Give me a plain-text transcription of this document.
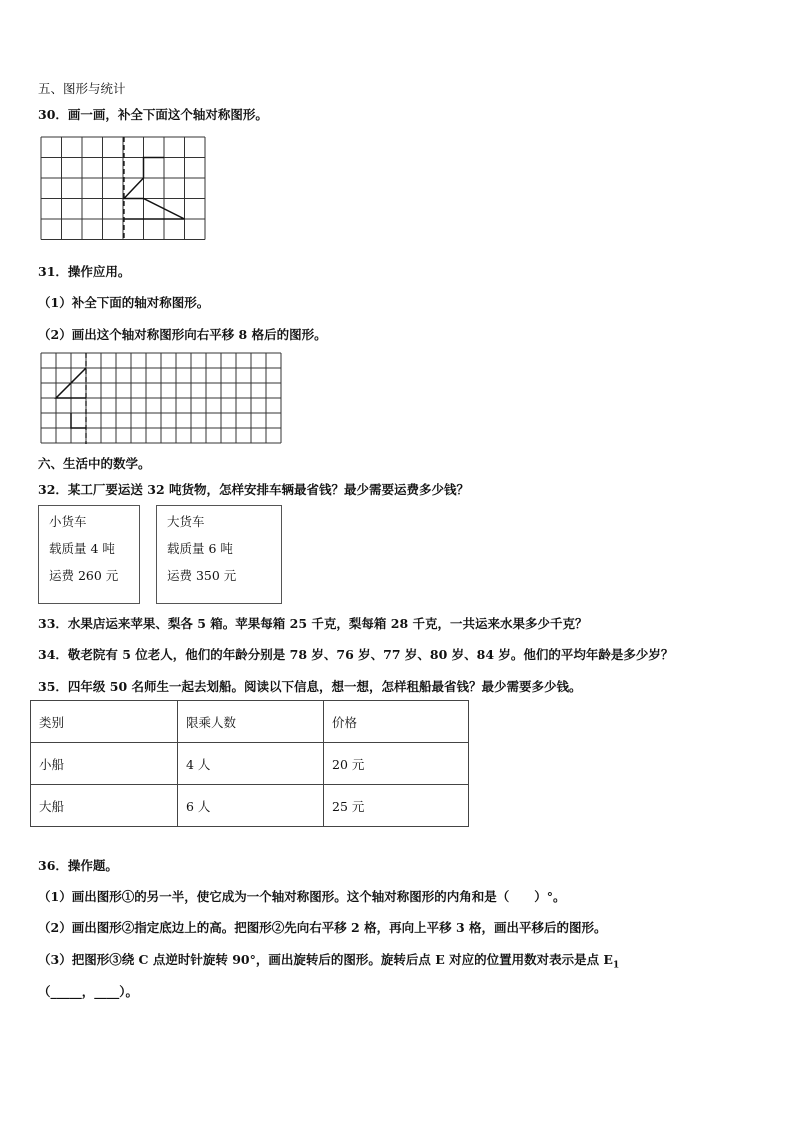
五、图形与统计
30．画一画，补全下面这个轴对称图形。
31．操作应用。
（1）补全下面的轴对称图形。
（2）画出这个轴对称图形向右平移 8 格后的图形。
六、生活中的数学。
32．某工厂要运送 32 吨货物，怎样安排车辆最省钱？最少需要运费多少钱？
小货车
载质量 4 吨
运费 260 元
大货车
载质量 6 吨
运费 350 元
33．水果店运来苹果、梨各 5 箱。苹果每箱 25 千克，梨每箱 28 千克，一共运来水果多少千克？
34．敬老院有 5 位老人，他们的年龄分别是 78 岁、76 岁、77 岁、80 岁、84 岁。他们的平均年龄是多少岁？
35．四年级 50 名师生一起去划船。阅读以下信息，想一想，怎样租船最省钱？最少需要多少钱。
类别	限乘人数	价格
小船	4 人	20 元
大船	6 人	25 元
36．操作题。
（1）画出图形①的另一半，使它成为一个轴对称图形。这个轴对称图形的内角和是（　　）°。
（2）画出图形②指定底边上的高。把图形②先向右平移 2 格，再向上平移 3 格，画出平移后的图形。
（3）把图形③绕 C 点逆时针旋转 90°，画出旋转后的图形。旋转后点 E 对应的位置用数对表示是点 $E_1$
（_____，____）。
